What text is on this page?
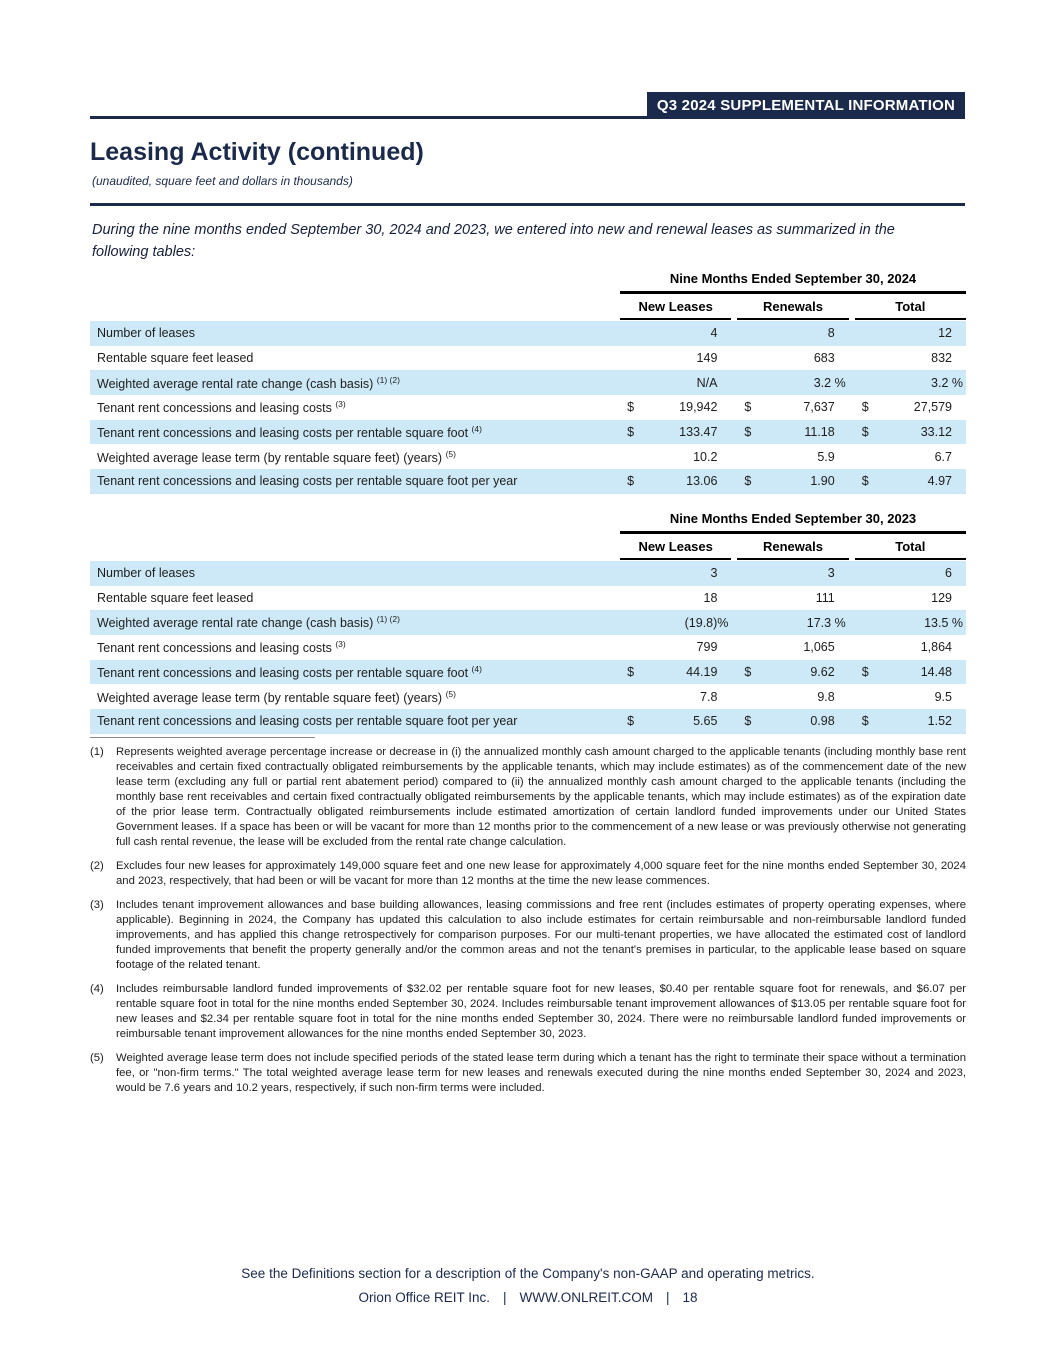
Q3 2024 SUPPLEMENTAL INFORMATION
Leasing Activity (continued)
(unaudited, square feet and dollars in thousands)

During the nine months ended September 30, 2024 and 2023, we entered into new and renewal leases as summarized in the following tables:

Nine Months Ended September 30, 2024
New Leases	Renewals	Total
Number of leases	4	8	12
Rentable square feet leased	149	683	832
Weighted average rental rate change (cash basis) $^{(1) (2)}$	N/A	3.2 %	3.2 %
Tenant rent concessions and leasing costs $^{(3)}$	$	19,942	$	7,637	$	27,579
Tenant rent concessions and leasing costs per rentable square foot $^{(4)}$	$	133.47	$	11.18	$	33.12
Weighted average lease term (by rentable square feet) (years) $^{(5)}$	10.2	5.9	6.7
Tenant rent concessions and leasing costs per rentable square foot per year	$	13.06	$	1.90	$	4.97
Nine Months Ended September 30, 2023
New Leases	Renewals	Total
Number of leases	3	3	6
Rentable square feet leased	18	111	129
Weighted average rental rate change (cash basis) $^{(1) (2)}$	(19.8)%	17.3 %	13.5 %
Tenant rent concessions and leasing costs $^{(3)}$	799	1,065	1,864
Tenant rent concessions and leasing costs per rentable square foot $^{(4)}$	$	44.19	$	9.62	$	14.48
Weighted average lease term (by rentable square feet) (years) $^{(5)}$	7.8	9.8	9.5
Tenant rent concessions and leasing costs per rentable square foot per year	$	5.65	$	0.98	$	1.52
(1)	Represents weighted average percentage increase or decrease in (i) the annualized monthly cash amount charged to the applicable tenants (including monthly base rent receivables and certain fixed contractually obligated reimbursements by the applicable tenants, which may include estimates) as of the commencement date of the new lease term (excluding any full or partial rent abatement period) compared to (ii) the annualized monthly cash amount charged to the applicable tenants (including the monthly base rent receivables and certain fixed contractually obligated reimbursements by the applicable tenants, which may include estimates) as of the expiration date of the prior lease term. Contractually obligated reimbursements include estimated amortization of certain landlord funded improvements under our United States Government leases. If a space has been or will be vacant for more than 12 months prior to the commencement of a new lease or was previously otherwise not generating full cash rental revenue, the lease will be excluded from the rental rate change calculation.
(2)	Excludes four new leases for approximately 149,000 square feet and one new lease for approximately 4,000 square feet for the nine months ended September 30, 2024 and 2023, respectively, that had been or will be vacant for more than 12 months at the time the new lease commences.
(3)	Includes tenant improvement allowances and base building allowances, leasing commissions and free rent (includes estimates of property operating expenses, where applicable). Beginning in 2024, the Company has updated this calculation to also include estimates for certain reimbursable and non-reimbursable landlord funded improvements, and has applied this change retrospectively for comparison purposes. For our multi-tenant properties, we have allocated the estimated cost of landlord funded improvements that benefit the property generally and/or the common areas and not the tenant's premises in particular, to the applicable lease based on square footage of the related tenant.
(4)	Includes reimbursable landlord funded improvements of $32.02 per rentable square foot for new leases, $0.40 per rentable square foot for renewals, and $6.07 per rentable square foot in total for the nine months ended September 30, 2024. Includes reimbursable tenant improvement allowances of $13.05 per rentable square foot for new leases and $2.34 per rentable square foot in total for the nine months ended September 30, 2024. There were no reimbursable landlord funded improvements or reimbursable tenant improvement allowances for the nine months ended September 30, 2023.
(5)	Weighted average lease term does not include specified periods of the stated lease term during which a tenant has the right to terminate their space without a termination fee, or "non-firm terms." The total weighted average lease term for new leases and renewals executed during the nine months ended September 30, 2024 and 2023, would be 7.6 years and 10.2 years, respectively, if such non-firm terms were included.
See the Definitions section for a description of the Company's non-GAAP and operating metrics.
Orion Office REIT Inc. | WWW.ONLREIT.COM | 18
